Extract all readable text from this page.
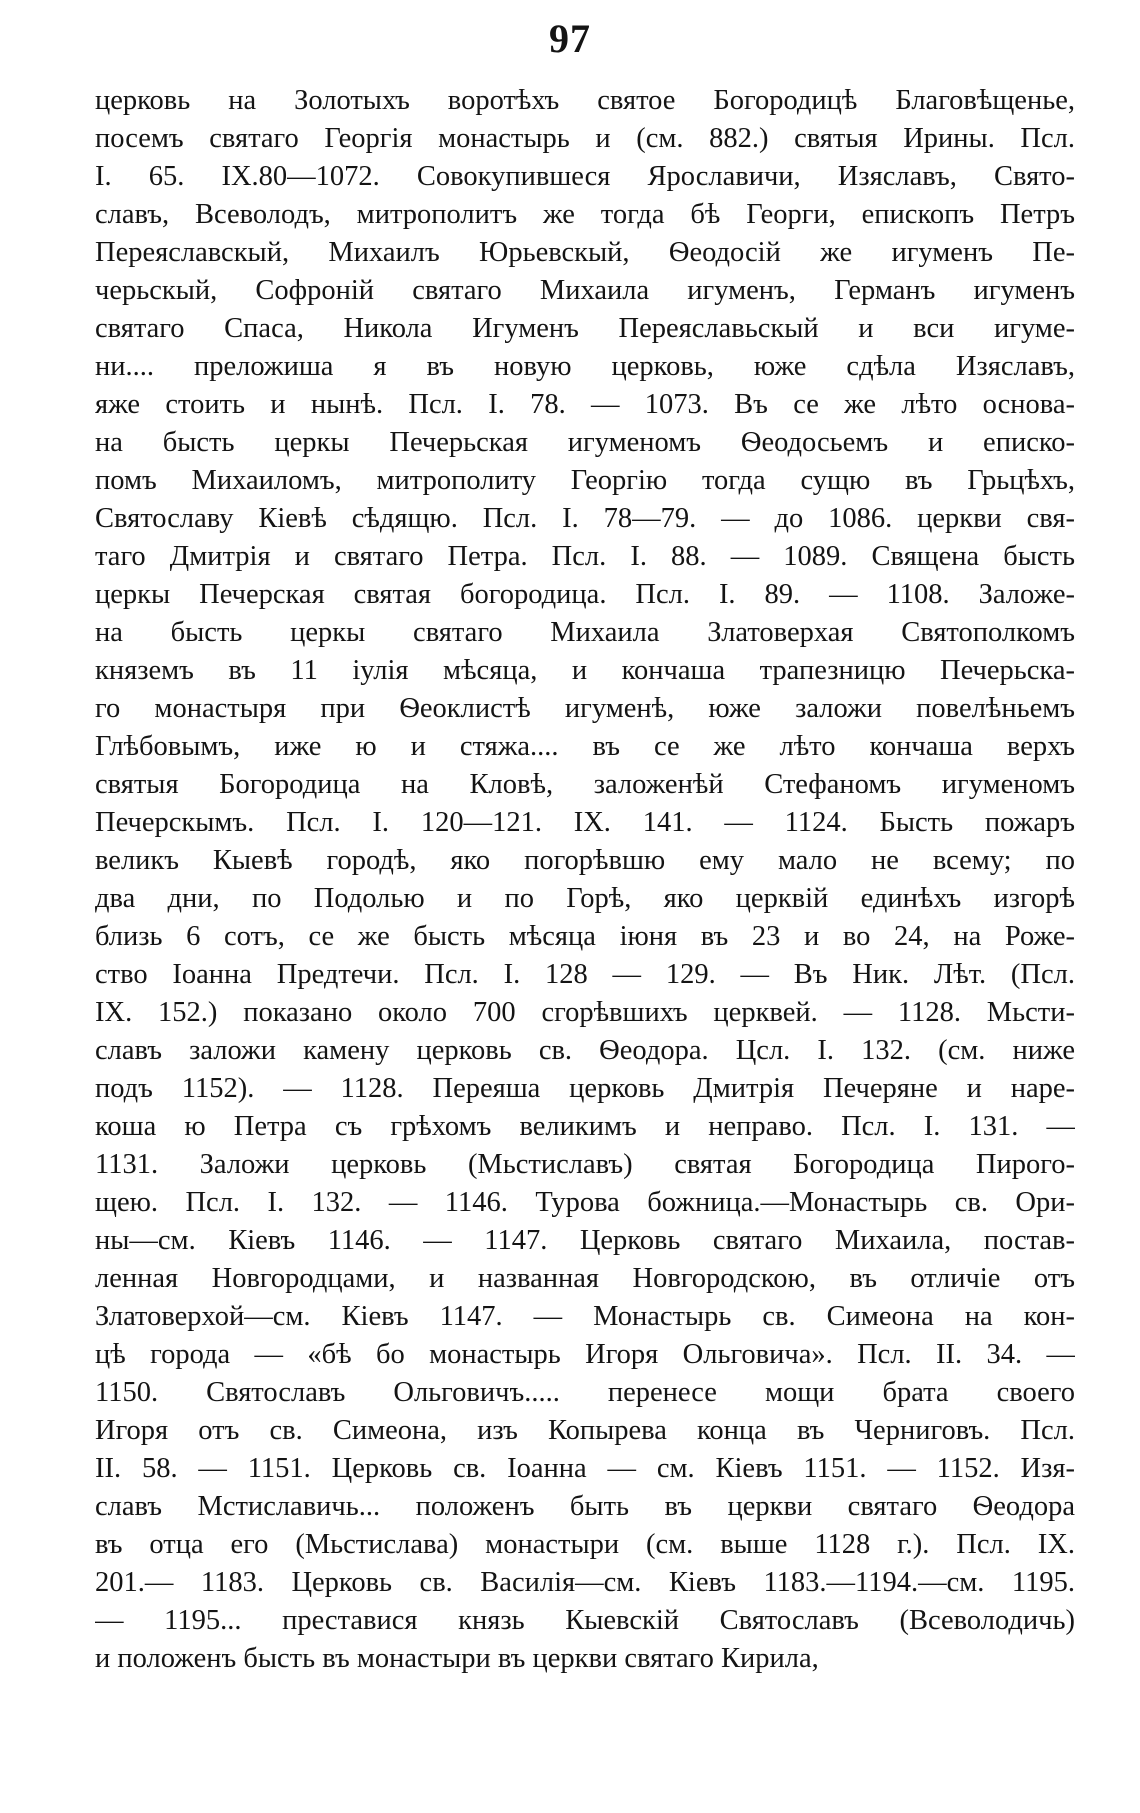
97
церковь на Золотыхъ воротѣхъ святое Богородицѣ Благовѣщенье,
посемъ святаго Георгія монастырь и (см. 882.) святыя Ирины. Псл.
I. 65. IX.80—1072. Совокупившеся Ярославичи, Изяславъ, Свято-
славъ, Всеволодъ, митрополитъ же тогда бѣ Георги, епископъ Петръ
Переяславскый, Михаилъ Юрьевскый, Ѳеодосій же игуменъ Пе-
черьскый, Софроній святаго Михаила игуменъ, Германъ игуменъ
святаго Спаса, Никола Игуменъ Переяславьскый и вси игуме-
ни.... преложиша я въ новую церковь, юже сдѣла Изяславъ,
яже стоить и нынѣ. Псл. I. 78. — 1073. Въ се же лѣто основа-
на бысть церкы Печерьская игуменомъ Ѳеодосьемъ и еписко-
помъ Михаиломъ, митрополиту Георгію тогда сущю въ Грьцѣхъ,
Святославу Кіевѣ сѣдящю. Псл. I. 78—79. — до 1086. церкви свя-
таго Дмитрія и святаго Петра. Псл. I. 88. — 1089. Священа бысть
церкы Печерская святая богородица. Псл. I. 89. — 1108. Заложе-
на бысть церкы святаго Михаила Златоверхая Святополкомъ
княземъ въ 11 іулія мѣсяца, и кончаша трапезницю Печерьска-
го монастыря при Ѳеоклистѣ игуменѣ, юже заложи повелѣньемъ
Глѣбовымъ, иже ю и стяжа.... въ се же лѣто кончаша верхъ
святыя Богородица на Кловѣ, заложенѣй Стефаномъ игуменомъ
Печерскымъ. Псл. I. 120—121. IX. 141. — 1124. Бысть пожаръ
великъ Кыевѣ городѣ, яко погорѣвшю ему мало не всему; по
два дни, по Подолью и по Горѣ, яко церквій единѣхъ изгорѣ
близь 6 сотъ, се же бысть мѣсяца іюня въ 23 и во 24, на Роже-
ство Іоанна Предтечи. Псл. I. 128 — 129. — Въ Ник. Лѣт. (Псл.
IX. 152.) показано около 700 сгорѣвшихъ церквей. — 1128. Мьсти-
славъ заложи камену церковь св. Ѳеодора. Цсл. I. 132. (см. ниже
подъ 1152). — 1128. Переяша церковь Дмитрія Печеряне и наре-
коша ю Петра съ грѣхомъ великимъ и неправо. Псл. I. 131. —
1131. Заложи церковь (Мьстиславъ) святая Богородица Пирого-
щею. Псл. I. 132. — 1146. Турова божница.—Монастырь св. Ори-
ны—см. Кіевъ 1146. — 1147. Церковь святаго Михаила, постав-
ленная Новгородцами, и названная Новгородскою, въ отличіе отъ
Златоверхой—см. Кіевъ 1147. — Монастырь св. Симеона на кон-
цѣ города — «бѣ бо монастырь Игоря Ольговича». Псл. II. 34. —
1150. Святославъ Ольговичъ..... перенесе мощи брата своего
Игоря отъ св. Симеона, изъ Копырева конца въ Черниговъ. Псл.
II. 58. — 1151. Церковь св. Іоанна — см. Кіевъ 1151. — 1152. Изя-
славъ Мстиславичь... положенъ быть въ церкви святаго Ѳеодора
въ отца его (Мьстислава) монастыри (см. выше 1128 г.). Псл. IX.
201.— 1183. Церковь св. Василія—см. Кіевъ 1183.—1194.—см. 1195.
— 1195... преставися князь Кыевскій Святославъ (Всеволодичь)
и положенъ бысть въ монастыри въ церкви святаго Кирила,
